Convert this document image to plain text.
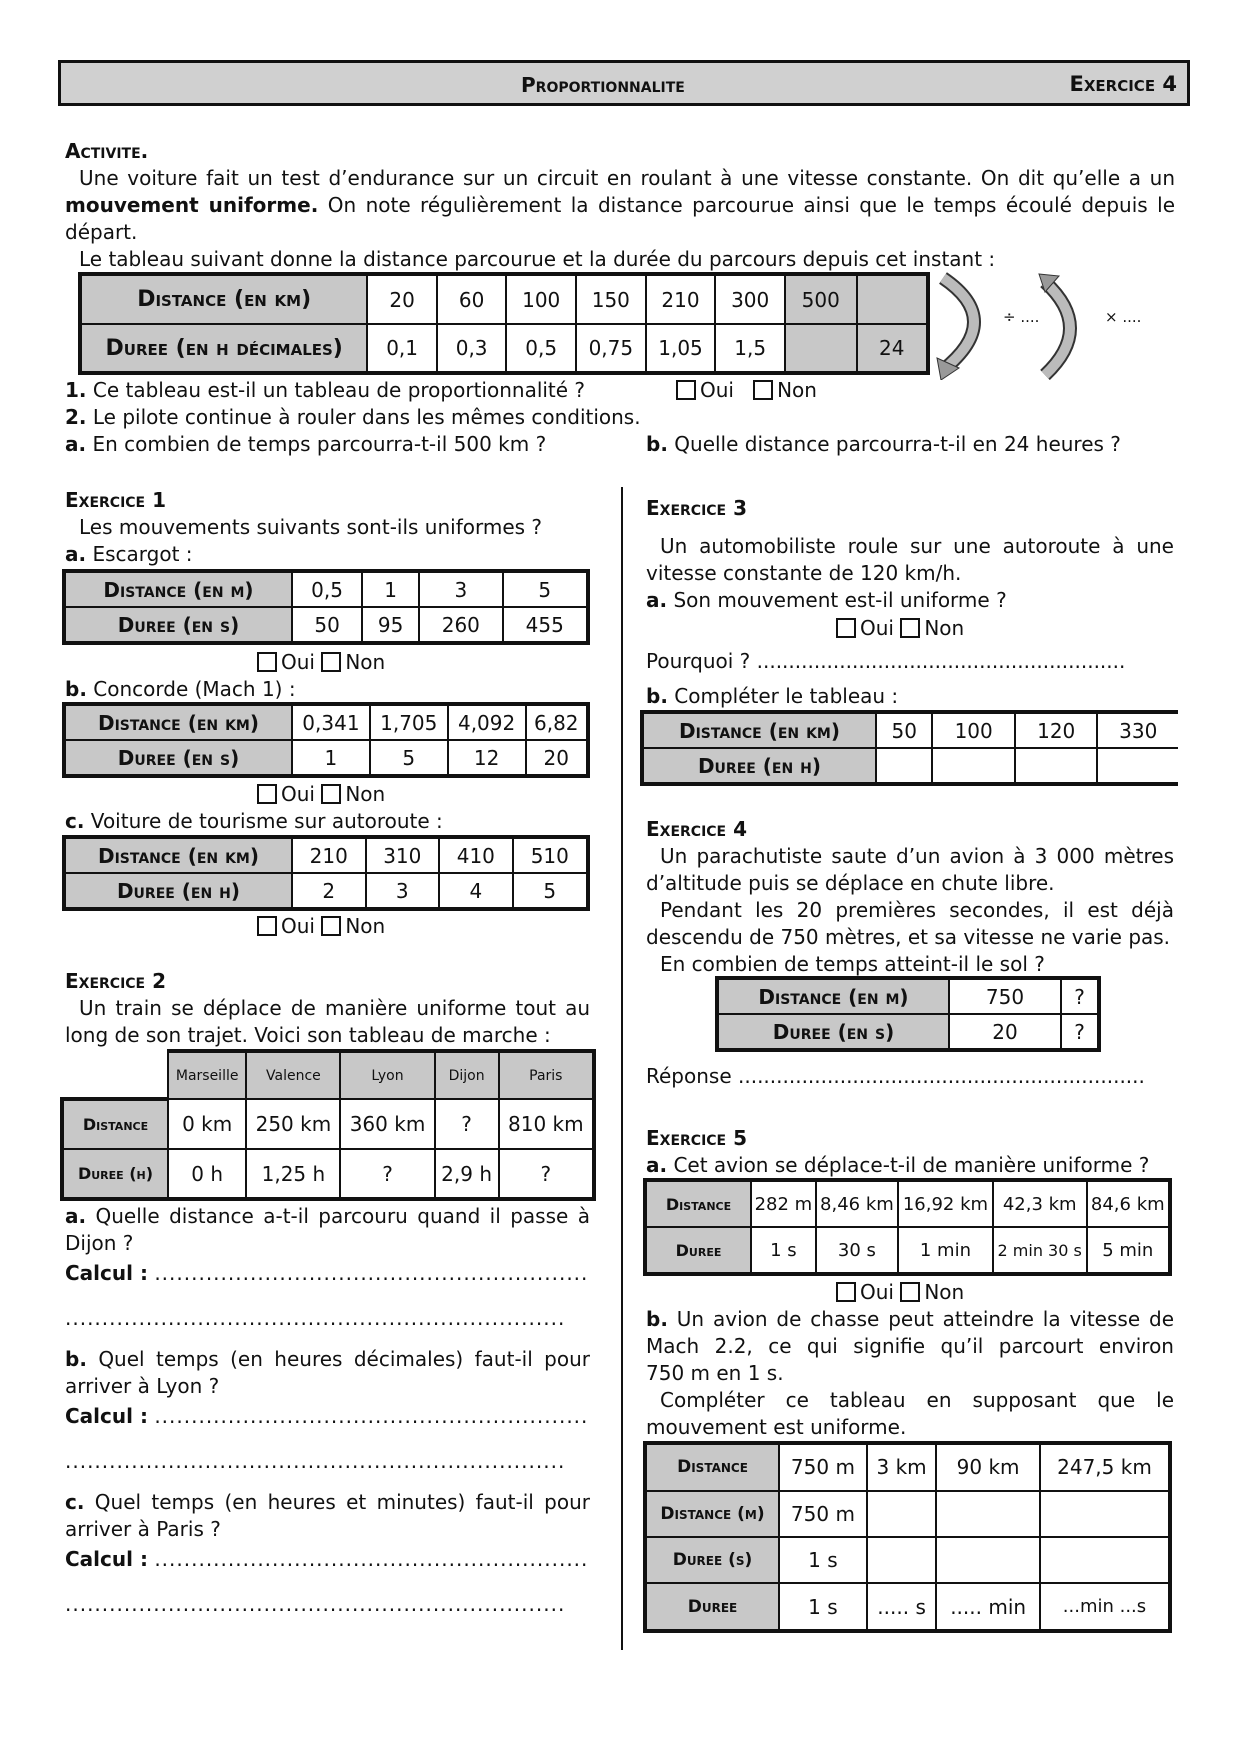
Proportionnalite	Exercice 4
Activite.
Une voiture fait un test d’endurance sur un circuit en roulant à une vitesse constante. On dit qu’elle a un
mouvement uniforme. On note régulièrement la distance parcourue ainsi que le temps écoulé depuis le
départ.
Le tableau suivant donne la distance parcourue et la durée du parcours depuis cet instant :
Distance (en km)	20	60	100	150	210	300	500	
Duree (en h décimales)	0,1	0,3	0,5	0,75	1,05	1,5		24
÷ ....	× ....
1. Ce tableau est-il un tableau de proportionnalité ?	Oui Non
2. Le pilote continue à rouler dans les mêmes conditions.
a. En combien de temps parcourra-t-il 500 km ?	b. Quelle distance parcourra-t-il en 24 heures ?
Exercice 1
Les mouvements suivants sont-ils uniformes ?
a. Escargot :
Distance (en m)	0,5	1	3	5
Duree (en s)	50	95	260	455
Oui Non
b. Concorde (Mach 1) :
Distance (en km)	0,341	1,705	4,092	6,82
Duree (en s)	1	5	12	20
Oui Non
c. Voiture de tourisme sur autoroute :
Distance (en km)	210	310	410	510
Duree (en h)	2	3	4	5
Oui Non
Exercice 2
Un train se déplace de manière uniforme tout au
long de son trajet. Voici son tableau de marche :
	Marseille	Valence	Lyon	Dijon	Paris
Distance	0 km	250 km	360 km	?	810 km
Duree (h)	0 h	1,25 h	?	2,9 h	?
a. Quelle distance a-t-il parcouru quand il passe à
Dijon ?
Calcul : ...........................................................
....................................................................
b. Quel temps (en heures décimales) faut-il pour
arriver à Lyon ?
Calcul : ...........................................................
....................................................................
c. Quel temps (en heures et minutes) faut-il pour
arriver à Paris ?
Calcul : ...........................................................
....................................................................
Exercice 3
Un automobiliste roule sur une autoroute à une
vitesse constante de 120 km/h.
a. Son mouvement est-il uniforme ?
Oui Non
Pourquoi ? ..........................................................
b. Compléter le tableau :
Distance (en km)	50	100	120	330
Duree (en h)				
Exercice 4
Un parachutiste saute d’un avion à 3 000 mètres
d’altitude puis se déplace en chute libre.
Pendant les 20 premières secondes, il est déjà
descendu de 750 mètres, et sa vitesse ne varie pas.
En combien de temps atteint-il le sol ?
Distance (en m)	750	?
Duree (en s)	20	?
Réponse ................................................................
Exercice 5
a. Cet avion se déplace-t-il de manière uniforme ?
Distance	282 m	8,46 km	16,92 km	42,3 km	84,6 km
Duree	1 s	30 s	1 min	2 min 30 s	5 min
Oui Non
b. Un avion de chasse peut atteindre la vitesse de
Mach 2.2, ce qui signifie qu’il parcourt environ
750 m en 1 s.
Compléter ce tableau en supposant que le
mouvement est uniforme.
Distance	750 m	3 km	90 km	247,5 km
Distance (m)	750 m			
Duree (s)	1 s			
Duree	1 s	..... s	..... min	...min ...s
